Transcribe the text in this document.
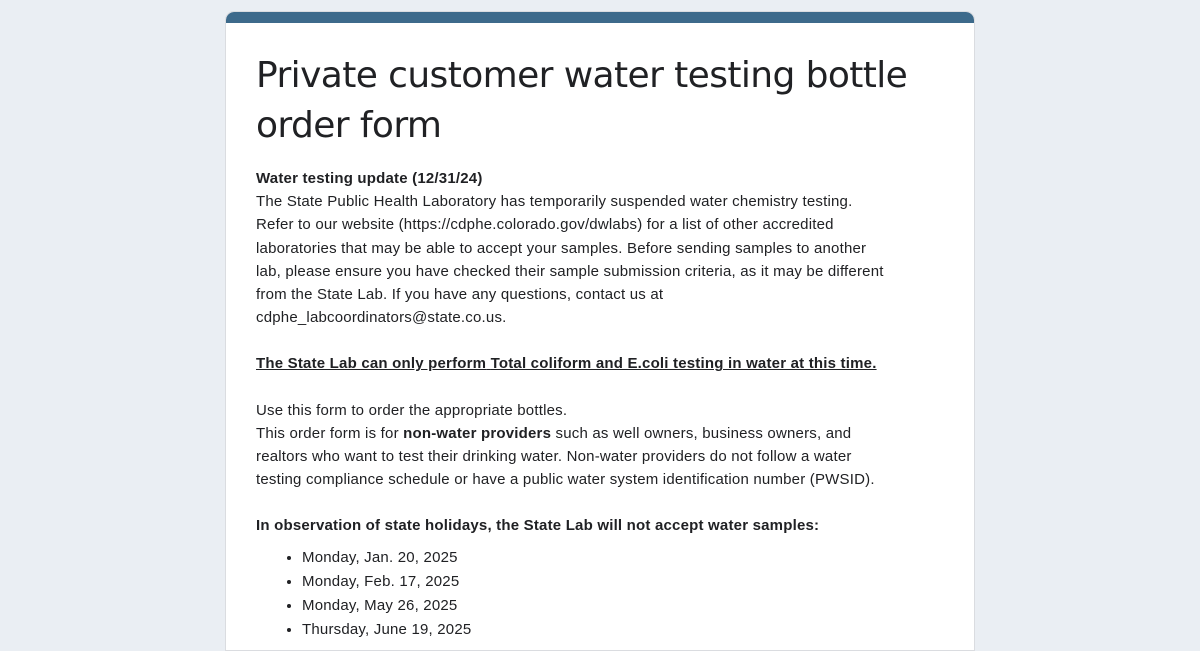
Private customer water testing bottle
order form

Water testing update (12/31/24)

The State Public Health Laboratory has temporarily suspended water chemistry testing.
Refer to our website (https://cdphe.colorado.gov/dwlabs) for a list of other accredited
laboratories that may be able to accept your samples. Before sending samples to another
lab, please ensure you have checked their sample submission criteria, as it may be different
from the State Lab. If you have any questions, contact us at
cdphe_labcoordinators@state.co.us.

The State Lab can only perform Total coliform and E.coli testing in water at this time.

Use this form to order the appropriate bottles.

This order form is for non-water providers such as well owners, business owners, and
realtors who want to test their drinking water. Non-water providers do not follow a water
testing compliance schedule or have a public water system identification number (PWSID).

In observation of state holidays, the State Lab will not accept water samples:

• Monday, Jan. 20, 2025
• Monday, Feb. 17, 2025
• Monday, May 26, 2025
• Thursday, June 19, 2025
